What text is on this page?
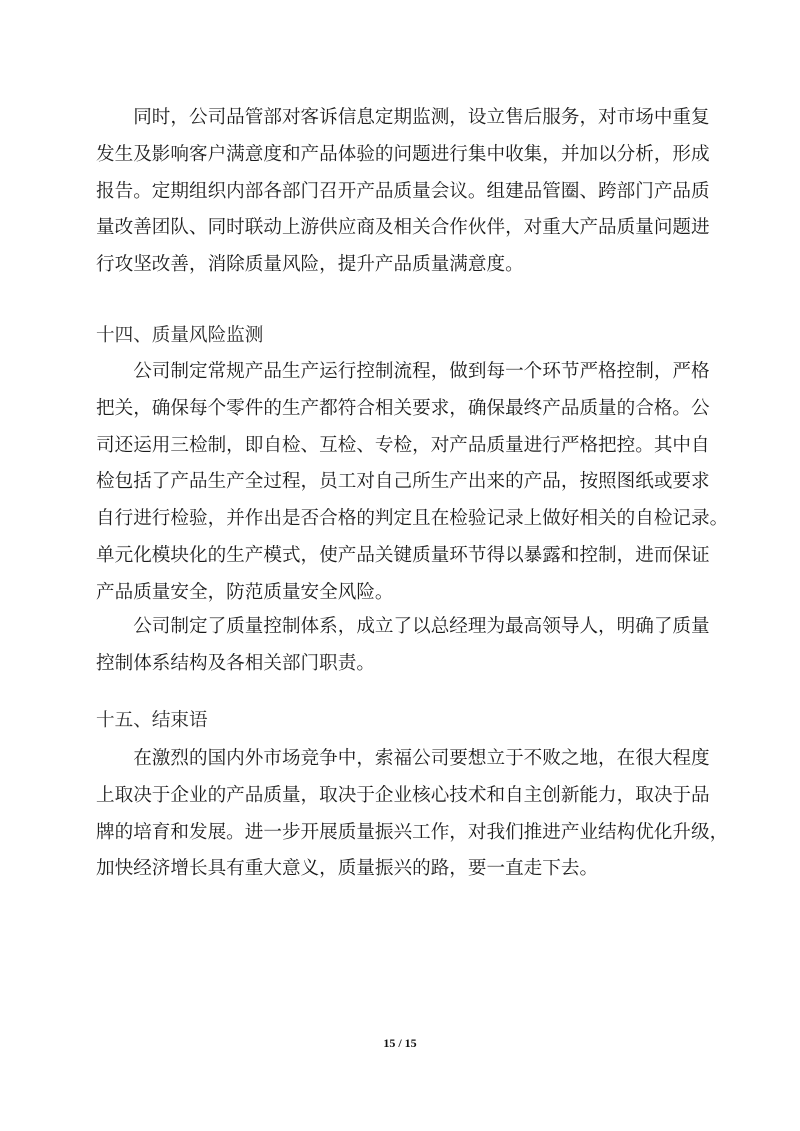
　　同时，公司品管部对客诉信息定期监测，设立售后服务，对市场中重复
发生及影响客户满意度和产品体验的问题进行集中收集，并加以分析，形成
报告。定期组织内部各部门召开产品质量会议。组建品管圈、跨部门产品质
量改善团队、同时联动上游供应商及相关合作伙伴，对重大产品质量问题进
行攻坚改善，消除质量风险，提升产品质量满意度。
十四、质量风险监测
　　公司制定常规产品生产运行控制流程，做到每一个环节严格控制，严格
把关，确保每个零件的生产都符合相关要求，确保最终产品质量的合格。公
司还运用三检制，即自检、互检、专检，对产品质量进行严格把控。其中自
检包括了产品生产全过程，员工对自己所生产出来的产品，按照图纸或要求
自行进行检验，并作出是否合格的判定且在检验记录上做好相关的自检记录。
单元化模块化的生产模式，使产品关键质量环节得以暴露和控制，进而保证
产品质量安全，防范质量安全风险。
　　公司制定了质量控制体系，成立了以总经理为最高领导人，明确了质量
控制体系结构及各相关部门职责。
十五、结束语
　　在激烈的国内外市场竞争中，索福公司要想立于不败之地，在很大程度
上取决于企业的产品质量，取决于企业核心技术和自主创新能力，取决于品
牌的培育和发展。进一步开展质量振兴工作，对我们推进产业结构优化升级，
加快经济增长具有重大意义，质量振兴的路，要一直走下去。
15 / 15
